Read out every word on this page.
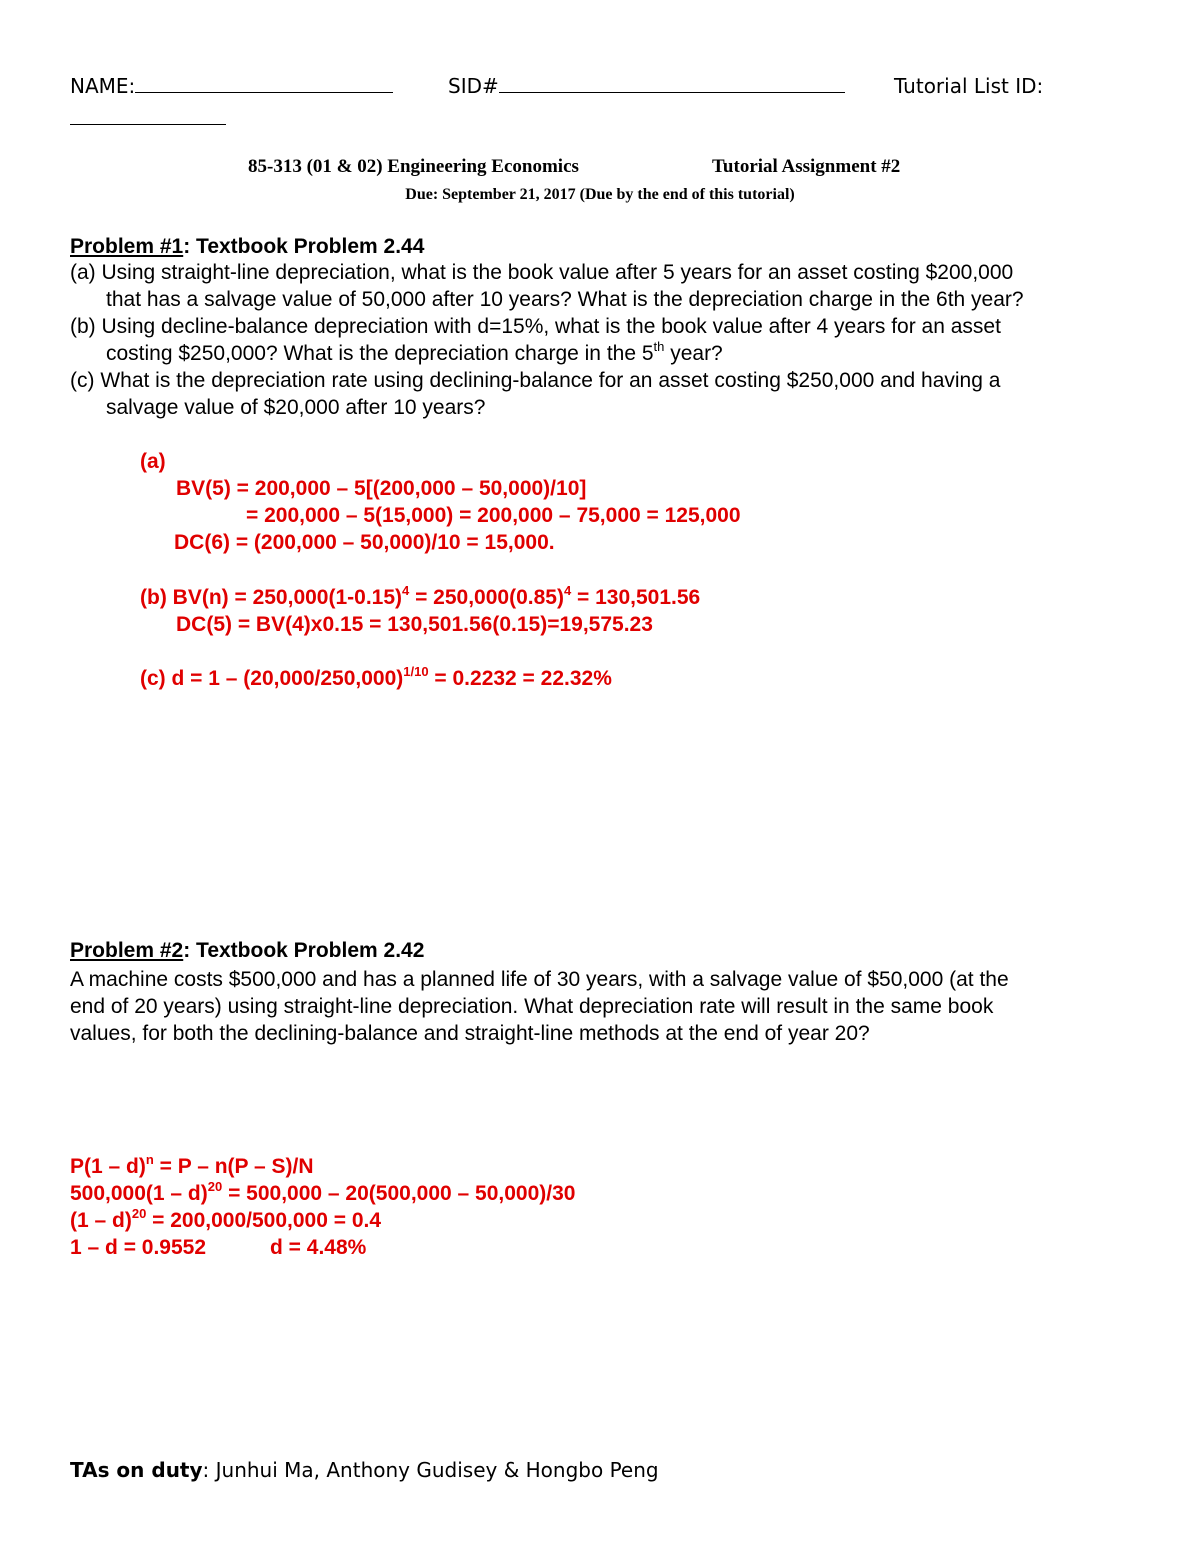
NAME:	SID#	Tutorial List ID:
85-313 (01 & 02) Engineering Economics	Tutorial Assignment #2
Due: September 21, 2017 (Due by the end of this tutorial)
Problem #1: Textbook Problem 2.44
(a) Using straight-line depreciation, what is the book value after 5 years for an asset costing $200,000
that has a salvage value of 50,000 after 10 years? What is the depreciation charge in the 6th year?
(b) Using decline-balance depreciation with d=15%, what is the book value after 4 years for an asset
costing $250,000? What is the depreciation charge in the 5th year?
(c) What is the depreciation rate using declining-balance for an asset costing $250,000 and having a
salvage value of $20,000 after 10 years?
(a)
BV(5) = 200,000 – 5[(200,000 – 50,000)/10]
= 200,000 – 5(15,000) = 200,000 – 75,000 = 125,000
DC(6) = (200,000 – 50,000)/10 = 15,000.
(b) $BV(n) = 250,000(1-0.15)^4 = 250,000(0.85)^4 = 130,501.56$
DC(5) = BV(4)x0.15 = 130,501.56(0.15)=19,575.23
(c) $d = 1 - (20,000/250,000)^{1/10} = 0.2232 = 22.32\%$
Problem #2: Textbook Problem 2.42
A machine costs $500,000 and has a planned life of 30 years, with a salvage value of $50,000 (at the
end of 20 years) using straight-line depreciation. What depreciation rate will result in the same book
values, for both the declining-balance and straight-line methods at the end of year 20?
P(1 – d)$^n$ = P – n(P – S)/N
500,000(1 – d)$^{20}$ = 500,000 – 20(500,000 – 50,000)/30
(1 – d)$^{20}$ = 200,000/500,000 = 0.4
1 – d = 0.9552	d = 4.48%
TAs on duty: Junhui Ma, Anthony Gudisey & Hongbo Peng
